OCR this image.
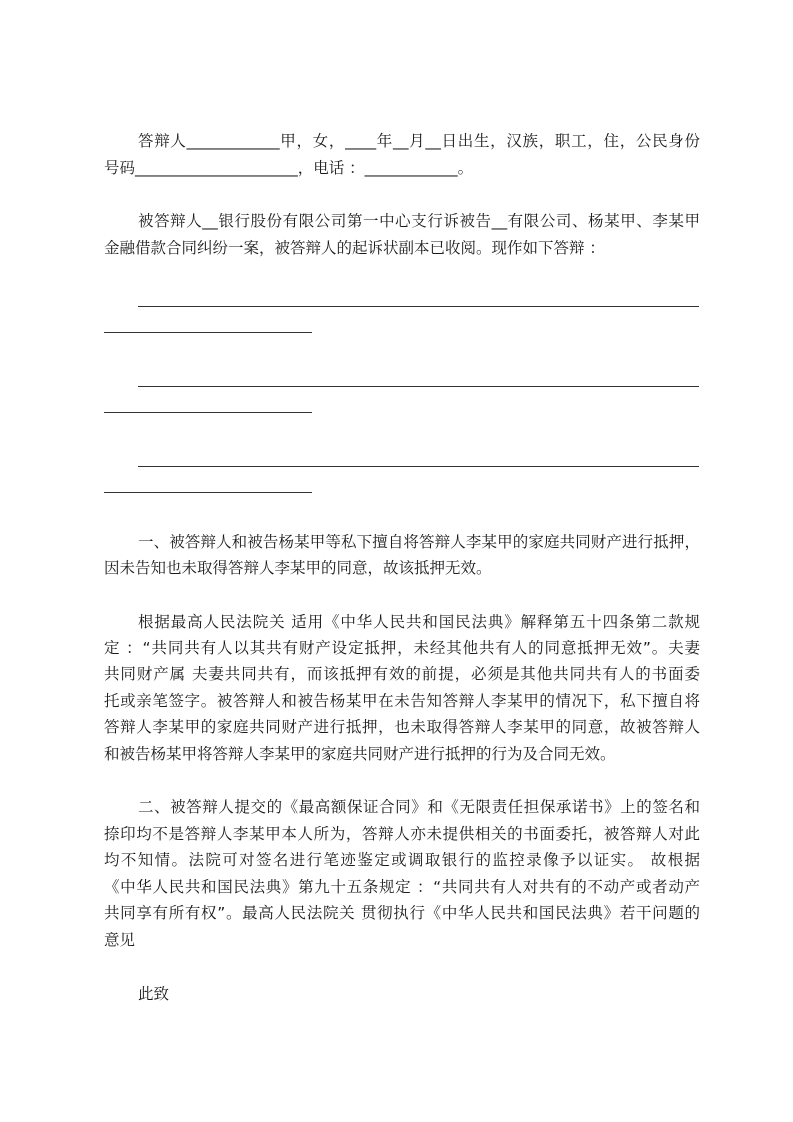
答辩人____________甲，女，____年__月__日出生，汉族，职工，住，公民身份
号码_____________________，电话 ：____________。
被答辩人__银行股份有限公司第一中心支行诉被告__有限公司、杨某甲、李某甲
金融借款合同纠纷一案，被答辩人的起诉状副本已收阅。现作如下答辩 ：
一、被答辩人和被告杨某甲等私下擅自将答辩人李某甲的家庭共同财产进行抵押，
因未告知也未取得答辩人李某甲的同意，故该抵押无效。
根据最高人民法院关 适用《中华人民共和国民法典》解释第五十四条第二款规
定 ：“共同共有人以其共有财产设定抵押，未经其他共有人的同意抵押无效”。夫妻
共同财产属 夫妻共同共有，而该抵押有效的前提，必须是其他共同共有人的书面委
托或亲笔签字。被答辩人和被告杨某甲在未告知答辩人李某甲的情况下，私下擅自将
答辩人李某甲的家庭共同财产进行抵押，也未取得答辩人李某甲的同意，故被答辩人
和被告杨某甲将答辩人李某甲的家庭共同财产进行抵押的行为及合同无效。
二、被答辩人提交的《最高额保证合同》和《无限责任担保承诺书》上的签名和
捺印均不是答辩人李某甲本人所为，答辩人亦未提供相关的书面委托，被答辩人对此
均不知情。法院可对签名进行笔迹鉴定或调取银行的监控录像予以证实。 故根据
《中华人民共和国民法典》第九十五条规定 ：“共同共有人对共有的不动产或者动产
共同享有所有权”。最高人民法院关 贯彻执行《中华人民共和国民法典》若干问题的
意见
此致
